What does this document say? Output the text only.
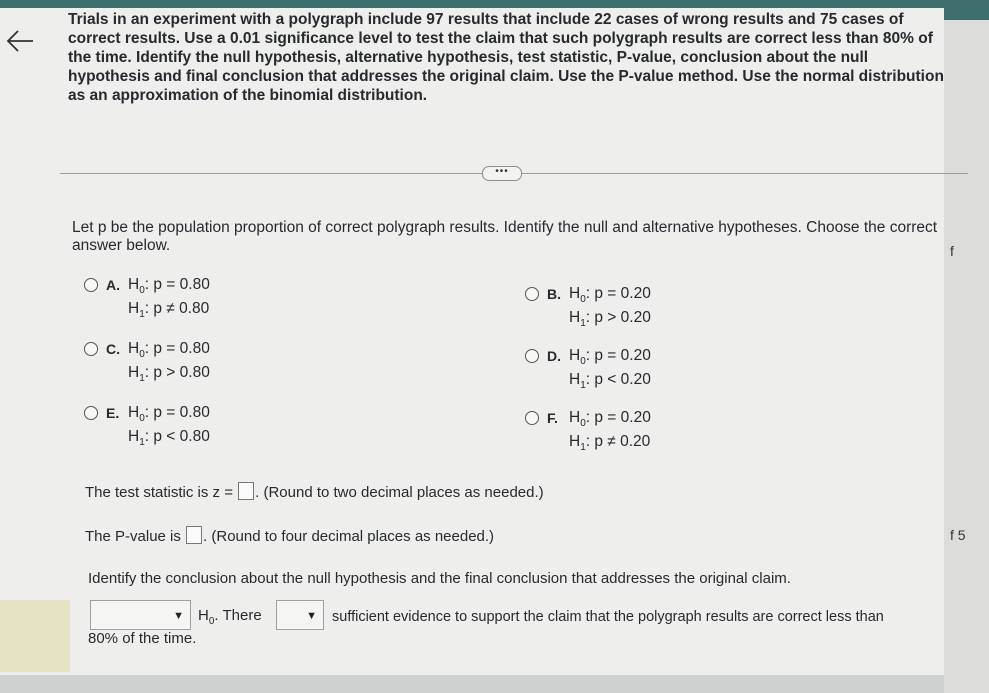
f
f 5
Trials in an experiment with a polygraph include 97 results that include 22 cases of wrong results and 75 cases of correct results. Use a 0.01 significance level to test the claim that such polygraph results are correct less than 80% of the time. Identify the null hypothesis, alternative hypothesis, test statistic, P-value, conclusion about the null hypothesis and final conclusion that addresses the original claim. Use the P-value method. Use the normal distribution as an approximation of the binomial distribution.
•••
Let p be the population proportion of correct polygraph results. Identify the null and alternative hypotheses. Choose the correct answer below.
A. $H_0$: p = 0.80
$H_1$: p ≠ 0.80
B. $H_0$: p = 0.20
$H_1$: p > 0.20
C. $H_0$: p = 0.80
$H_1$: p > 0.80
D. $H_0$: p = 0.20
$H_1$: p < 0.20
E. $H_0$: p = 0.80
$H_1$: p < 0.80
F. $H_0$: p = 0.20
$H_1$: p ≠ 0.20
The test statistic is z = . (Round to two decimal places as needed.)
The P-value is . (Round to four decimal places as needed.)
Identify the conclusion about the null hypothesis and the final conclusion that addresses the original claim.
▼ $H_0$. There	▼ sufficient evidence to support the claim that the polygraph results are correct less than
80% of the time.
